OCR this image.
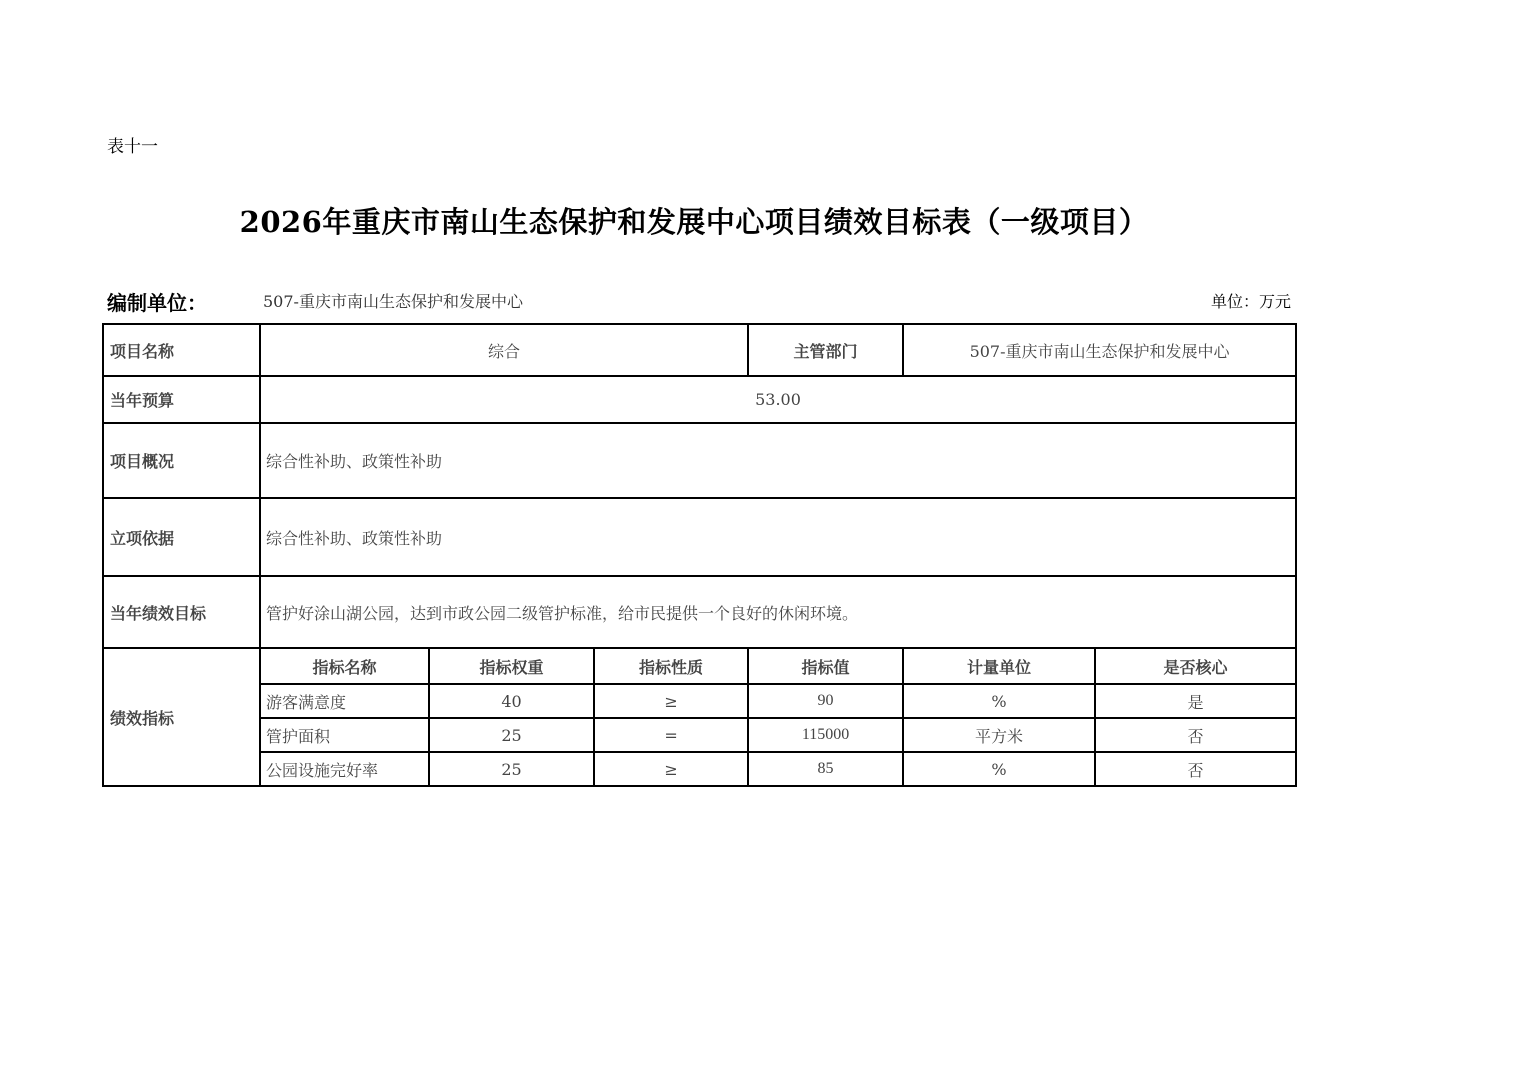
表十一
2026年重庆市南山生态保护和发展中心项目绩效目标表（一级项目）
编制单位：	507-重庆市南山生态保护和发展中心	单位：万元
项目名称	综合			主管部门	507-重庆市南山生态保护和发展中心	
当年预算	53.00					
项目概况	综合性补助、政策性补助					
立项依据	综合性补助、政策性补助					
当年绩效目标	管护好涂山湖公园，达到市政公园二级管护标准，给市民提供一个良好的休闲环境。					
绩效指标	指标名称	指标权重	指标性质	指标值	计量单位	是否核心
	游客满意度	40	≥	90	%	是
	管护面积	25	=	115000	平方米	否
	公园设施完好率	25	≥	85	%	否
